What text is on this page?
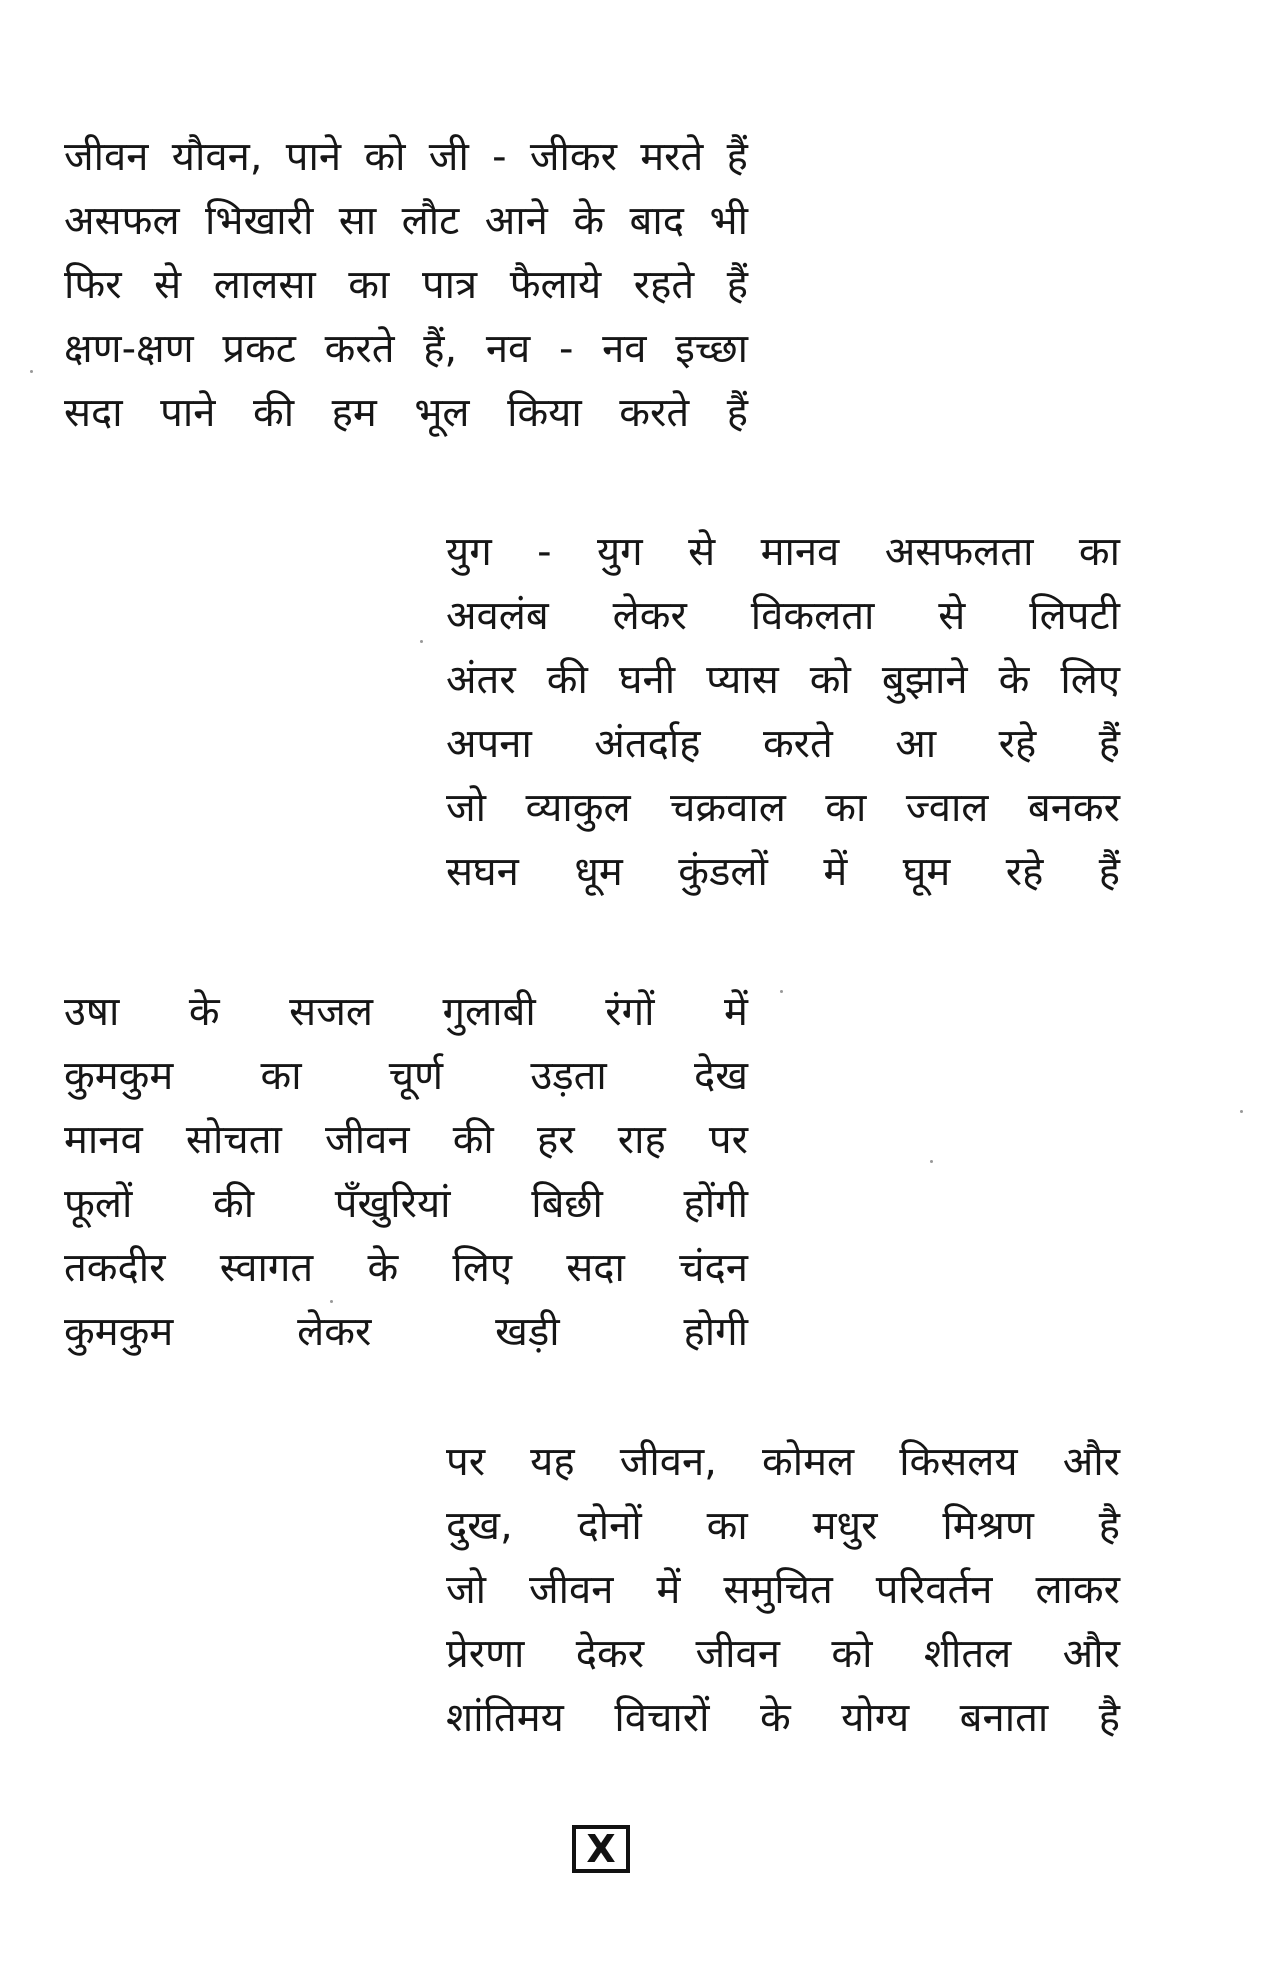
जीवन यौवन, पाने को जी - जीकर मरते हैं
असफल भिखारी सा लौट आने के बाद भी
फिर से लालसा का पात्र फैलाये रहते हैं
क्षण-क्षण प्रकट करते हैं, नव - नव इच्छा
सदा पाने की हम भूल किया करते हैं
युग - युग से मानव असफलता का
अवलंब लेकर विकलता से लिपटी
अंतर की घनी प्यास को बुझाने के लिए
अपना अंतर्दाह करते आ रहे हैं
जो व्याकुल चक्रवाल का ज्वाल बनकर
सघन धूम कुंडलों में घूम रहे हैं
उषा के सजल गुलाबी रंगों में
कुमकुम का चूर्ण उड़ता देख
मानव सोचता जीवन की हर राह पर
फूलों की पँखुरियां बिछी होंगी
तकदीर स्वागत के लिए सदा चंदन
कुमकुम	लेकर	खड़ी	होगी
पर यह जीवन, कोमल किसलय और
दुख, दोनों का मधुर मिश्रण है
जो जीवन में समुचित परिवर्तन लाकर
प्रेरणा देकर जीवन को शीतल और
शांतिमय विचारों के योग्य बनाता है
X
